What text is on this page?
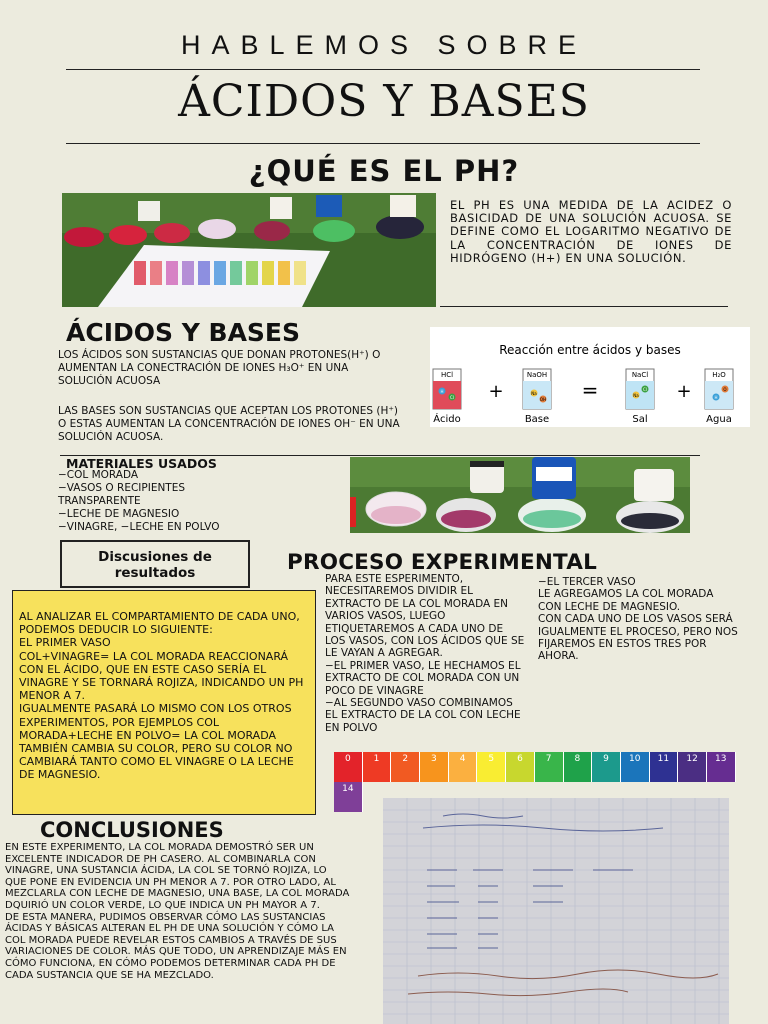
HABLEMOS SOBRE
ÁCIDOS Y BASES
¿QUÉ ES EL PH?
EL PH ES UNA MEDIDA DE LA ACIDEZ O BASICIDAD DE UNA SOLUCIÓN ACUOSA. SE DEFINE COMO EL LOGARITMO NEGATIVO DE LA CONCENTRACIÓN DE IONES DE HIDRÓGENO (H+) EN UNA SOLUCIÓN.
ÁCIDOS Y BASES
LOS ÁCIDOS SON SUSTANCIAS QUE DONAN PROTONES(H⁺) O AUMENTAN LA CONECTRACIÓN DE IONES H₃O⁺ EN UNA SOLUCIÓN ACUOSA
LAS BASES SON SUSTANCIAS QUE ACEPTAN LOS PROTONES (H⁺) O ESTAS AUMENTAN LA CONCENTRACIÓN DE IONES OH⁻ EN UNA SOLUCIÓN ACUOSA.
Reacción entre ácidos y bases
HCl
H
Cl +
NaOH
Na
OH =
NaCl
Na
Cl +
H₂O
H
O
Ácido	Base	Sal	Agua
MATERIALES USADOS
−COL MORADA
−VASOS O RECIPIENTES TRANSPARENTE
−LECHE DE MAGNESIO
−VINAGRE, −LECHE EN POLVO
Discusiones de resultados
AL ANALIZAR EL COMPARTAMIENTO DE CADA UNO, PODEMOS DEDUCIR LO SIGUIENTE:
EL PRIMER VASO
COL+VINAGRE= LA COL MORADA REACCIONARÁ CON EL ÁCIDO, QUE EN ESTE CASO SERÍA EL VINAGRE Y SE TORNARÁ ROJIZA, INDICANDO UN PH MENOR A 7.
IGUALMENTE PASARÁ LO MISMO CON LOS OTROS EXPERIMENTOS, POR EJEMPLOS COL MORADA+LECHE EN POLVO= LA COL MORADA TAMBIÉN CAMBIA SU COLOR, PERO SU COLOR NO CAMBIARÁ TANTO COMO EL VINAGRE O LA LECHE DE MAGNESIO.
PROCESO EXPERIMENTAL
PARA ESTE ESPERIMENTO, NECESITAREMOS DIVIDIR EL EXTRACTO DE LA COL MORADA EN VARIOS VASOS, LUEGO ETIQUETAREMOS A CADA UNO DE LOS VASOS, CON LOS ÁCIDOS QUE SE LE VAYAN A AGREGAR.
−EL PRIMER VASO, LE HECHAMOS EL EXTRACTO DE COL MORADA CON UN POCO DE VINAGRE
−AL SEGUNDO VASO COMBINAMOS EL EXTRACTO DE LA COL CON LECHE EN POLVO
−EL TERCER VASO
LE AGREGAMOS LA COL MORADA CON LECHE DE MAGNESIO.
CON CADA UNO DE LOS VASOS SERÁ IGUALMENTE EL PROCESO, PERO NOS FIJAREMOS EN ESTOS TRES POR AHORA.
0	1	2	3	4	5	6	7	8	9	10	11	12	13
14
CONCLUSIONES
EN ESTE EXPERIMENTO, LA COL MORADA DEMOSTRÓ SER UN EXCELENTE INDICADOR DE PH CASERO. AL COMBINARLA CON VINAGRE, UNA SUSTANCIA ÁCIDA, LA COL SE TORNÓ ROJIZA, LO QUE PONE EN EVIDENCIA UN PH MENOR A 7. POR OTRO LADO, AL MEZCLARLA CON LECHE DE MAGNESIO, UNA BASE, LA COL MORADA DQUIRIÓ UN COLOR VERDE, LO QUE INDICA UN PH MAYOR A 7.
DE ESTA MANERA, PUDIMOS OBSERVAR CÓMO LAS SUSTANCIAS ÁCIDAS Y BÁSICAS ALTERAN EL PH DE UNA SOLUCIÓN Y CÓMO LA COL MORADA PUEDE REVELAR ESTOS CAMBIOS A TRAVÉS DE SUS VARIACIONES DE COLOR. MÁS QUE TODO, UN APRENDIZAJE MÁS EN CÓMO FUNCIONA, EN CÓMO PODEMOS DETERMINAR CADA PH DE CADA SUSTANCIA QUE SE HA MEZCLADO.
